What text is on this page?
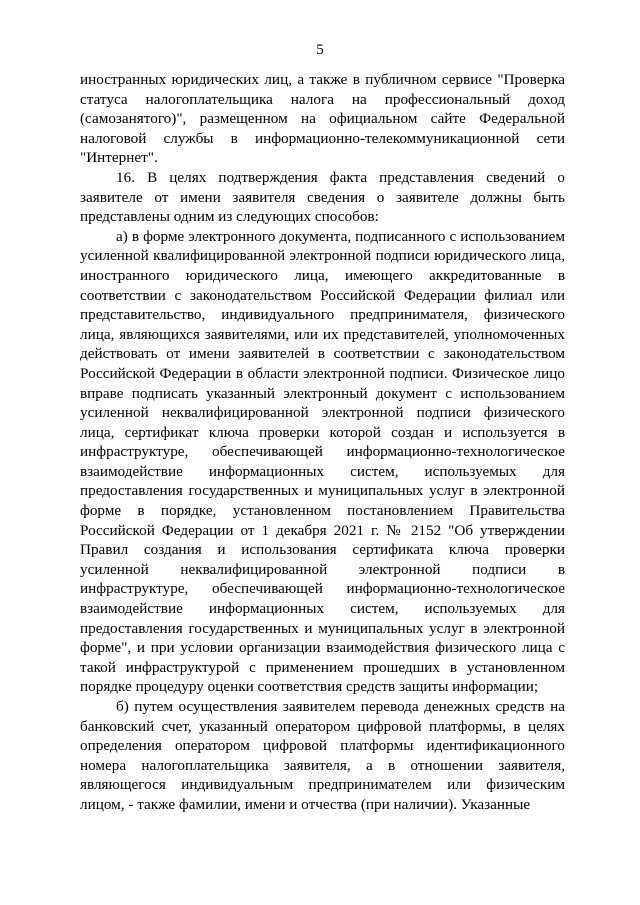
5

иностранных юридических лиц, а также в публичном сервисе "Проверка статуса налогоплательщика налога на профессиональный доход (самозанятого)", размещенном на официальном сайте Федеральной налоговой службы в информационно-телекоммуникационной сети "Интернет".

16. В целях подтверждения факта представления сведений о заявителе от имени заявителя сведения о заявителе должны быть представлены одним из следующих способов:

а) в форме электронного документа, подписанного с использованием усиленной квалифицированной электронной подписи юридического лица, иностранного юридического лица, имеющего аккредитованные в соответствии с законодательством Российской Федерации филиал или представительство, индивидуального предпринимателя, физического лица, являющихся заявителями, или их представителей, уполномоченных действовать от имени заявителей в соответствии с законодательством Российской Федерации в области электронной подписи. Физическое лицо вправе подписать указанный электронный документ с использованием усиленной неквалифицированной электронной подписи физического лица, сертификат ключа проверки которой создан и используется в инфраструктуре, обеспечивающей информационно-технологическое взаимодействие информационных систем, используемых для предоставления государственных и муниципальных услуг в электронной форме в порядке, установленном постановлением Правительства Российской Федерации от 1 декабря 2021 г. № 2152 "Об утверждении Правил создания и использования сертификата ключа проверки усиленной неквалифицированной электронной подписи в инфраструктуре, обеспечивающей информационно-технологическое взаимодействие информационных систем, используемых для предоставления государственных и муниципальных услуг в электронной форме", и при условии организации взаимодействия физического лица с такой инфраструктурой с применением прошедших в установленном порядке процедуру оценки соответствия средств защиты информации;

б) путем осуществления заявителем перевода денежных средств на банковский счет, указанный оператором цифровой платформы, в целях определения оператором цифровой платформы идентификационного номера налогоплательщика заявителя, а в отношении заявителя, являющегося индивидуальным предпринимателем или физическим лицом, - также фамилии, имени и отчества (при наличии). Указанные
